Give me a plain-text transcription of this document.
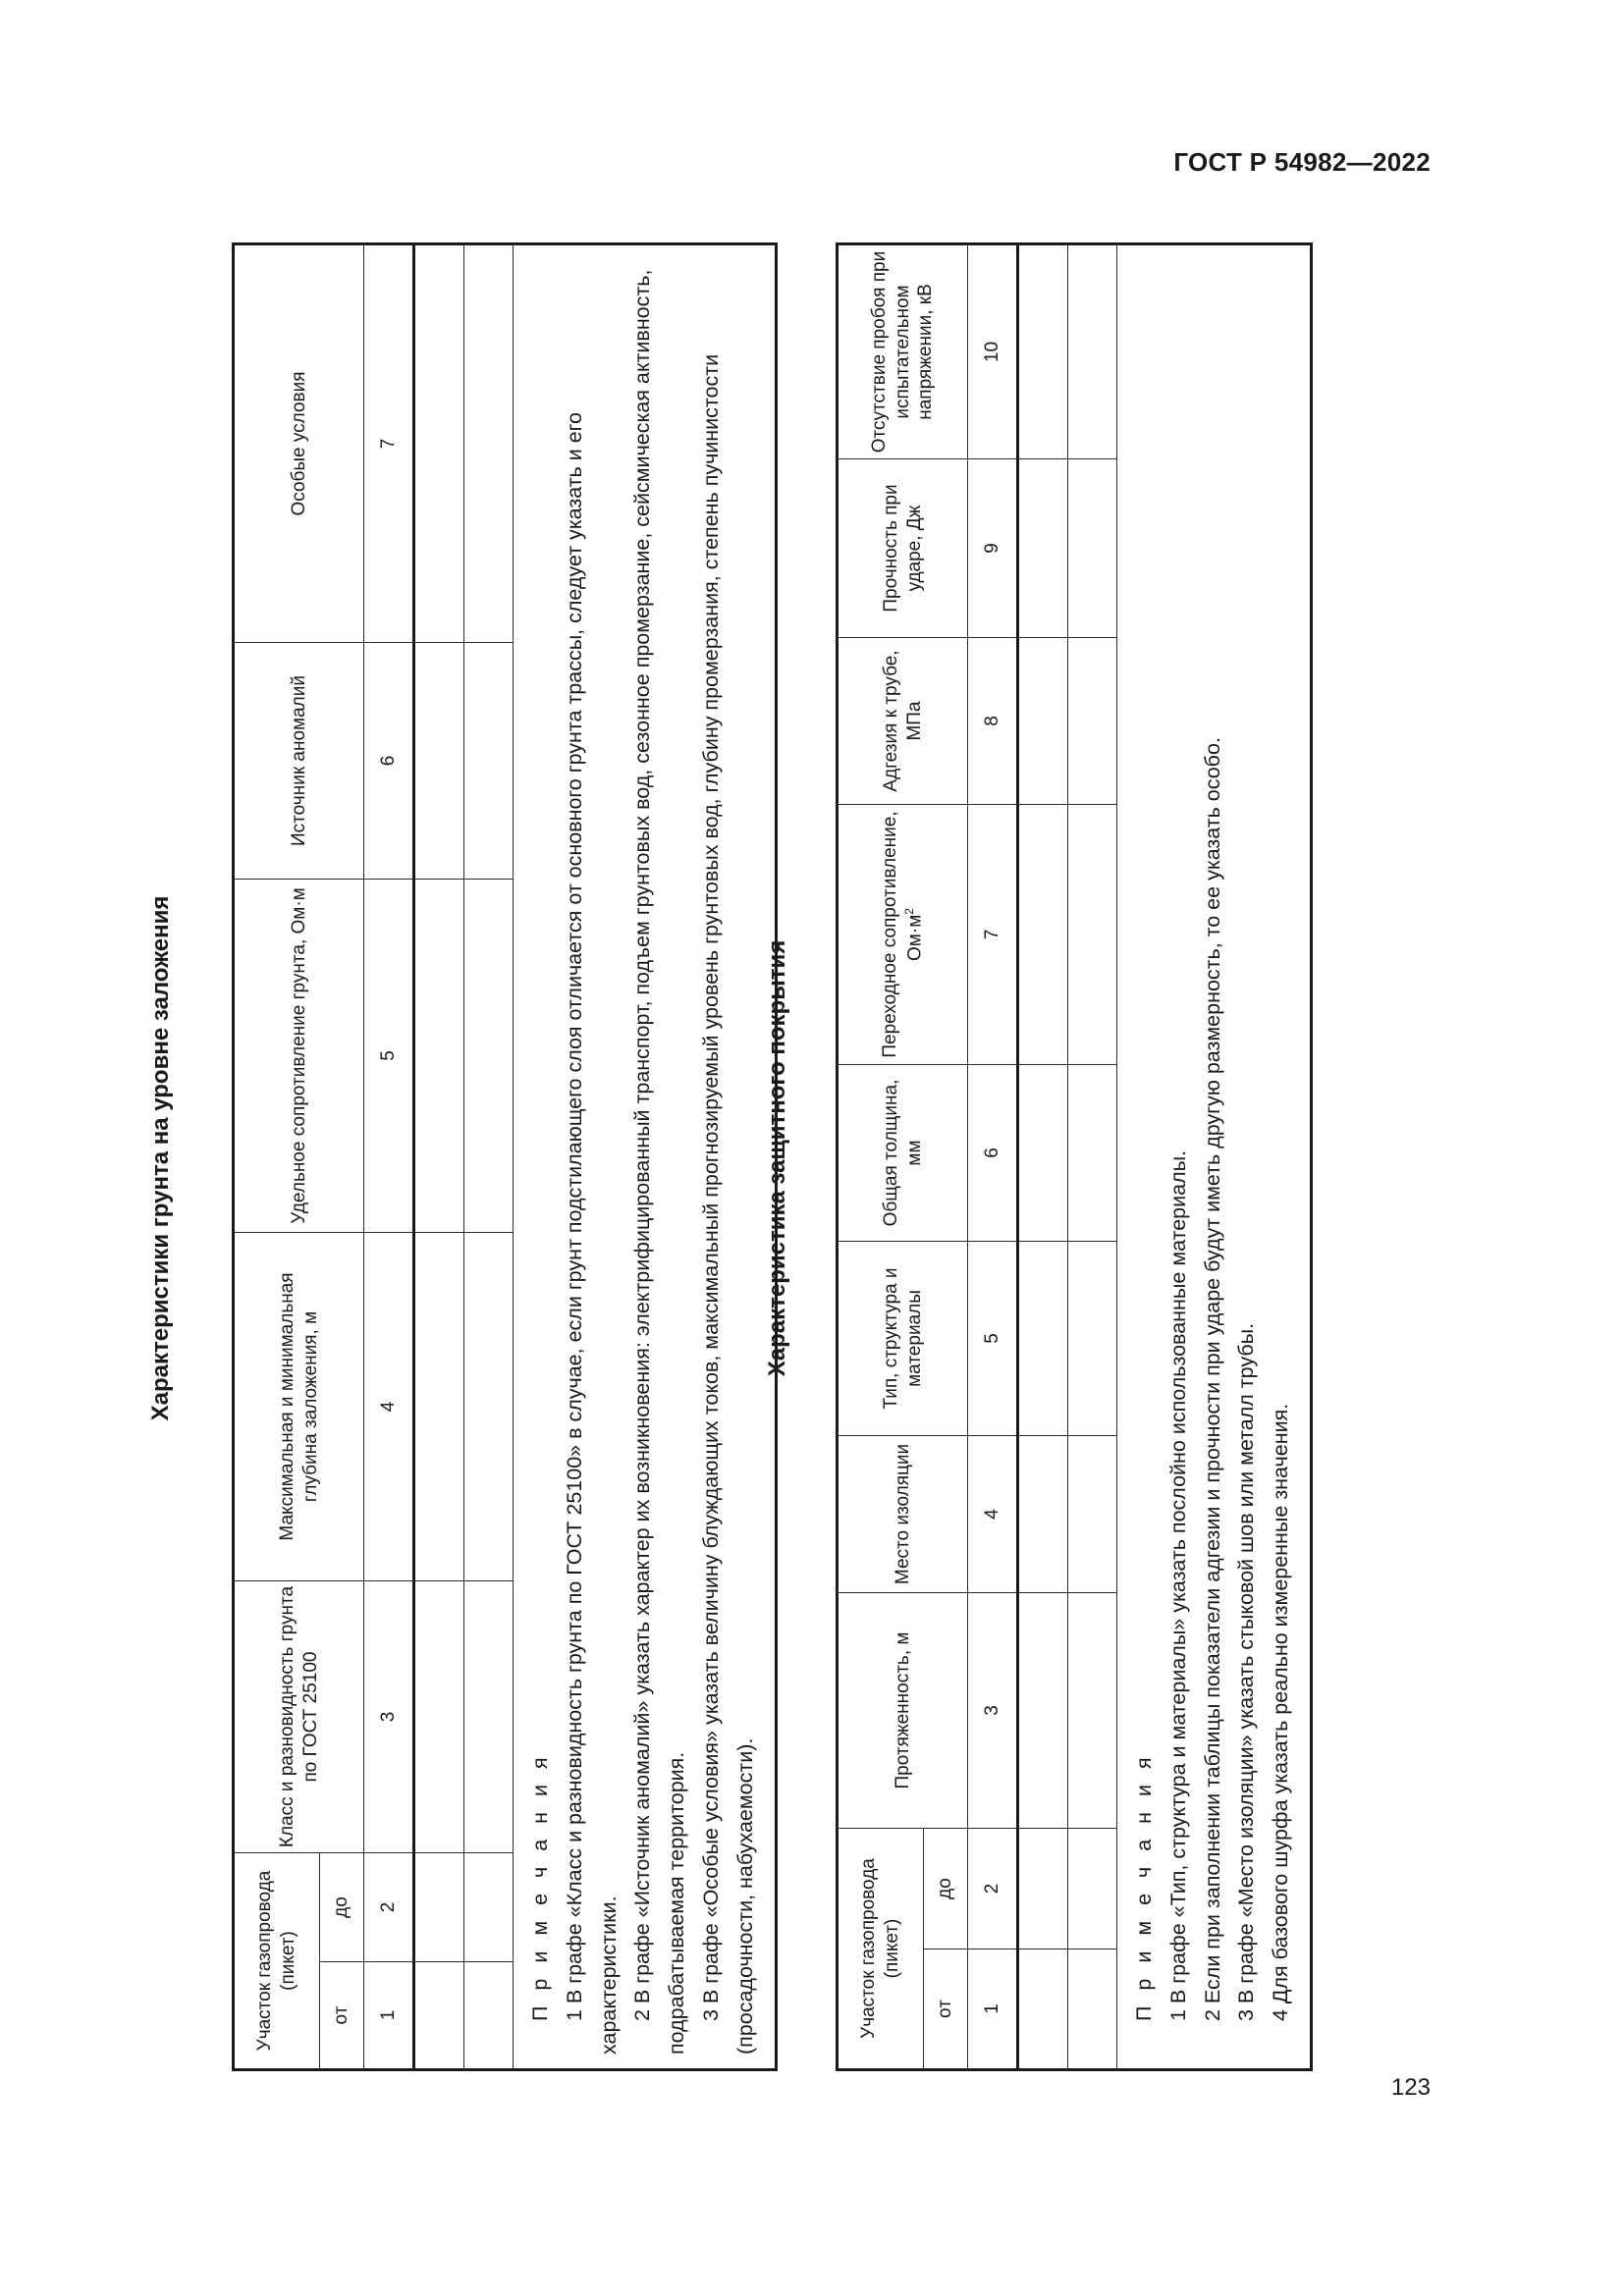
ГОСТ Р 54982—2022
Характеристики грунта на уровне заложения
Участок газопровода (пикет)		Класс и разновидность грунта по ГОСТ 25100	Максимальная и минимальная глубина заложения, м	Удельное сопротивление грунта, Ом·м	Источник аномалий	Особые условия
от	до					
1	2	3	4	5	6	7

П р и м е ч а н и я 1 В графе «Класс и разновидность грунта по ГОСТ 25100» в случае, если грунт подстилающего слоя отличается от основного грунта трассы, следует указать и его характеристики. 2 В графе «Источник аномалий» указать характер их возникновения: электрифицированный транспорт, подъем грунтовых вод, сезонное промерзание, сейсмическая активность, подрабатываемая территория. 3 В графе «Особые условия» указать величину блуждающих токов, максимальный прогнозируемый уровень грунтовых вод, глубину промерзания, степень пучинистости (просадочности, набухаемости).						
Характеристика защитного покрытия
Участок газопровода (пикет)		Протяженность, м	Место изоляции	Тип, структура и материалы	Общая толщина, мм	Переходное сопротивление, $Ом\cdot м^2$	Адгезия к трубе, МПа	Прочность при ударе, Дж	Отсутствие пробоя при испытательном напряжении, кВ
от	до								
1	2	3	4	5	6	7	8	9	10

П р и м е ч а н и я 1 В графе «Тип, структура и материалы» указать послойно использованные материалы. 2 Если при заполнении таблицы показатели адгезии и прочности при ударе будут иметь другую размерность, то ее указать особо. 3 В графе «Место изоляции» указать стыковой шов или металл трубы. 4 Для базового шурфа указать реально измеренные значения.									
123
